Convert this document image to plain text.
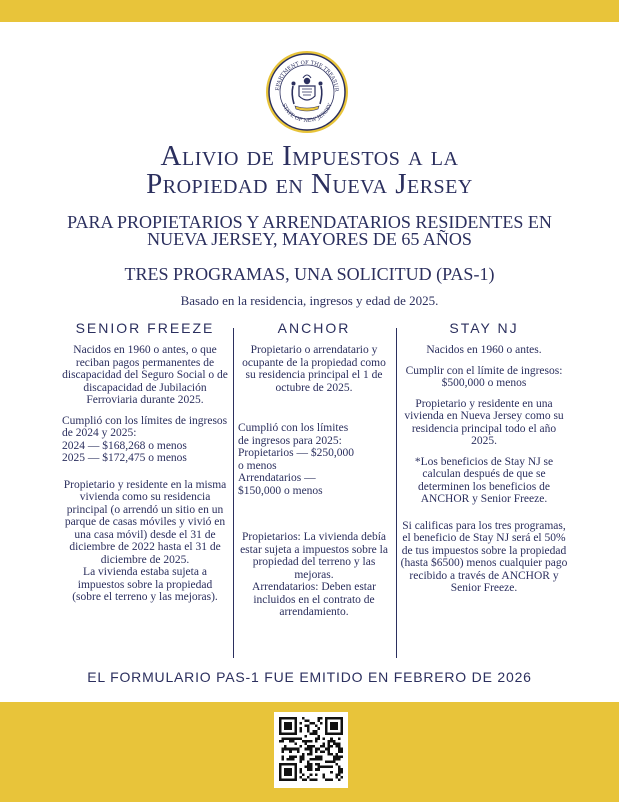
EPARTMENT OF THE TREASUR
STATE OF NEW JERSEY
Alivio de Impuestos a la
Propiedad en Nueva Jersey
PARA PROPIETARIOS Y ARRENDATARIOS RESIDENTES EN
NUEVA JERSEY, MAYORES DE 65 AÑOS
TRES PROGRAMAS, UNA SOLICITUD (PAS-1)
Basado en la residencia, ingresos y edad de 2025.
SENIOR FREEZE
Nacidos en 1960 o antes, o que reciban pagos permanentes de discapacidad del Seguro Social o de discapacidad de Jubilación Ferroviaria durante 2025.
Cumplió con los límites de ingresos de 2024 y 2025:
2024 — $168,268 o menos
2025 — $172,475 o menos
Propietario y residente en la misma vivienda como su residencia principal (o arrendó un sitio en un parque de casas móviles y vivió en una casa móvil) desde el 31 de diciembre de 2022 hasta el 31 de diciembre de 2025.
La vivienda estaba sujeta a impuestos sobre la propiedad (sobre el terreno y las mejoras).
ANCHOR
Propietario o arrendatario y ocupante de la propiedad como su residencia principal el 1 de octubre de 2025.
Cumplió con los límites
de ingresos para 2025:
Propietarios — $250,000
o menos
Arrendatarios —
$150,000 o menos
Propietarios: La vivienda debía estar sujeta a impuestos sobre la propiedad del terreno y las mejoras.
Arrendatarios: Deben estar incluidos en el contrato de arrendamiento.
STAY NJ
Nacidos en 1960 o antes.
Cumplir con el límite de ingresos:
$500,000 o menos
Propietario y residente en una vivienda en Nueva Jersey como su residencia principal todo el año 2025.
*Los beneficios de Stay NJ se calculan después de que se determinen los beneficios de ANCHOR y Senior Freeze.
Si calificas para los tres programas, el beneficio de Stay NJ será el 50% de tus impuestos sobre la propiedad (hasta $6500) menos cualquier pago recibido a través de ANCHOR y Senior Freeze.
EL FORMULARIO PAS-1 FUE EMITIDO EN FEBRERO DE 2026
